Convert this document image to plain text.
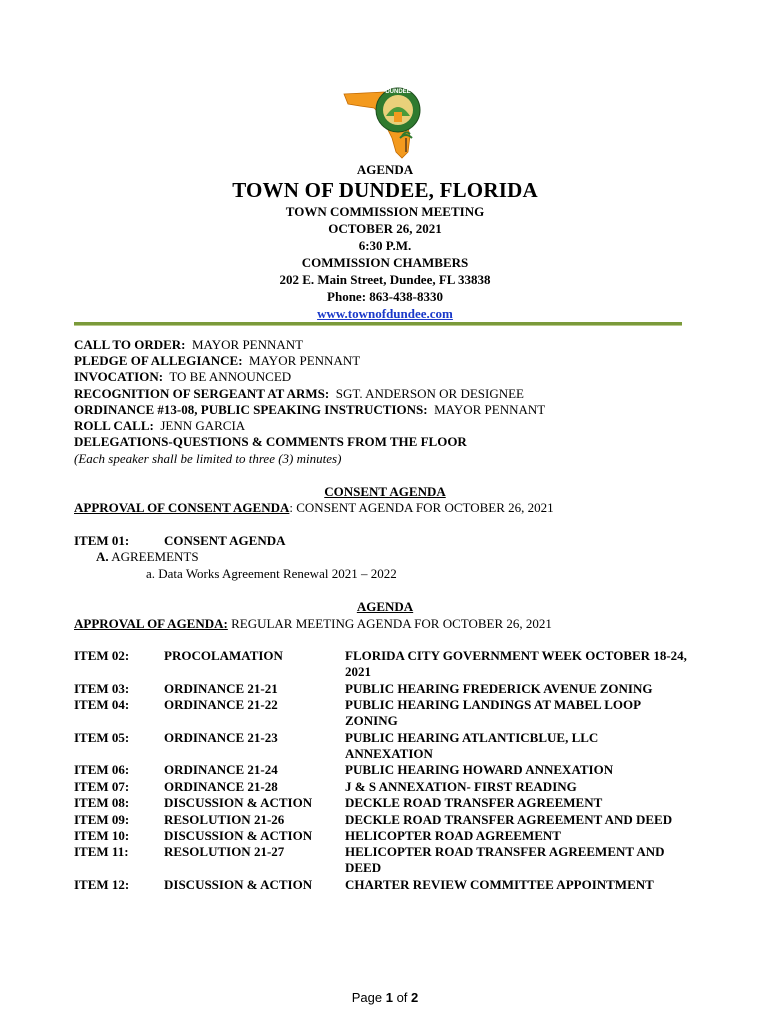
DUNDEE
AGENDA
TOWN OF DUNDEE, FLORIDA
TOWN COMMISSION MEETING
OCTOBER 26, 2021
6:30 P.M.
COMMISSION CHAMBERS
202 E. Main Street, Dundee, FL 33838
Phone: 863-438-8330
www.townofdundee.com
CALL TO ORDER: MAYOR PENNANT
PLEDGE OF ALLEGIANCE: MAYOR PENNANT
INVOCATION: TO BE ANNOUNCED
RECOGNITION OF SERGEANT AT ARMS: SGT. ANDERSON OR DESIGNEE
ORDINANCE #13-08, PUBLIC SPEAKING INSTRUCTIONS: MAYOR PENNANT
ROLL CALL: JENN GARCIA
DELEGATIONS-QUESTIONS & COMMENTS FROM THE FLOOR
(Each speaker shall be limited to three (3) minutes)
CONSENT AGENDA
APPROVAL OF CONSENT AGENDA: CONSENT AGENDA FOR OCTOBER 26, 2021
ITEM 01:	CONSENT AGENDA
A. AGREEMENTS
a. Data Works Agreement Renewal 2021 – 2022
AGENDA
APPROVAL OF AGENDA: REGULAR MEETING AGENDA FOR OCTOBER 26, 2021
ITEM 02:	PROCOLAMATION	FLORIDA CITY GOVERNMENT WEEK OCTOBER 18-24, 2021
ITEM 03:	ORDINANCE 21-21	PUBLIC HEARING FREDERICK AVENUE ZONING
ITEM 04:	ORDINANCE 21-22	PUBLIC HEARING LANDINGS AT MABEL LOOP ZONING
ITEM 05:	ORDINANCE 21-23	PUBLIC HEARING ATLANTICBLUE, LLC ANNEXATION
ITEM 06:	ORDINANCE 21-24	PUBLIC HEARING HOWARD ANNEXATION
ITEM 07:	ORDINANCE 21-28	J & S ANNEXATION- FIRST READING
ITEM 08:	DISCUSSION & ACTION	DECKLE ROAD TRANSFER AGREEMENT
ITEM 09:	RESOLUTION 21-26	DECKLE ROAD TRANSFER AGREEMENT AND DEED
ITEM 10:	DISCUSSION & ACTION	HELICOPTER ROAD AGREEMENT
ITEM 11:	RESOLUTION 21-27	HELICOPTER ROAD TRANSFER AGREEMENT AND DEED
ITEM 12:	DISCUSSION & ACTION	CHARTER REVIEW COMMITTEE APPOINTMENT
Page 1 of 2
